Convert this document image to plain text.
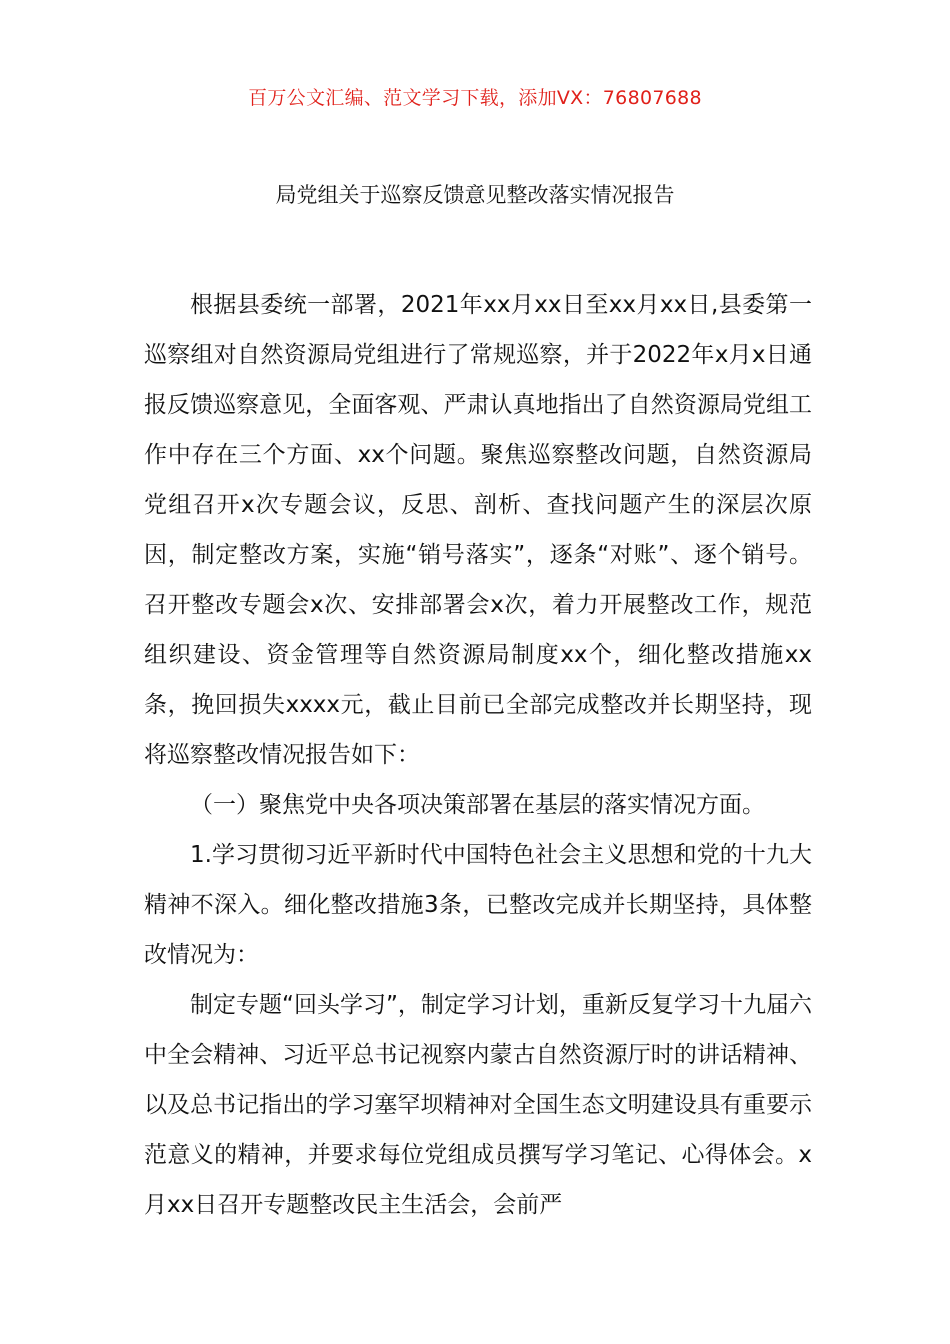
百万公文汇编、范文学习下载，添加VX：76807688
局党组关于巡察反馈意见整改落实情况报告

根据县委统一部署，2021年xx月xx日至xx月xx日,县委第一巡察组对自然资源局党组进行了常规巡察，并于2022年x月x日通报反馈巡察意见，全面客观、严肃认真地指出了自然资源局党组工作中存在三个方面、xx个问题。聚焦巡察整改问题，自然资源局党组召开x次专题会议，反思、剖析、查找问题产生的深层次原因，制定整改方案，实施“销号落实”，逐条“对账”、逐个销号。召开整改专题会x次、安排部署会x次，着力开展整改工作，规范组织建设、资金管理等自然资源局制度xx个，细化整改措施xx条，挽回损失xxxx元，截止目前已全部完成整改并长期坚持，现将巡察整改情况报告如下：

（一）聚焦党中央各项决策部署在基层的落实情况方面。

1.学习贯彻习近平新时代中国特色社会主义思想和党的十九大精神不深入。细化整改措施3条，已整改完成并长期坚持，具体整改情况为：

制定专题“回头学习”，制定学习计划，重新反复学习十九届六中全会精神、习近平总书记视察内蒙古自然资源厅时的讲话精神、以及总书记指出的学习塞罕坝精神对全国生态文明建设具有重要示范意义的精神，并要求每位党组成员撰写学习笔记、心得体会。x月xx日召开专题整改民主生活会，会前严
